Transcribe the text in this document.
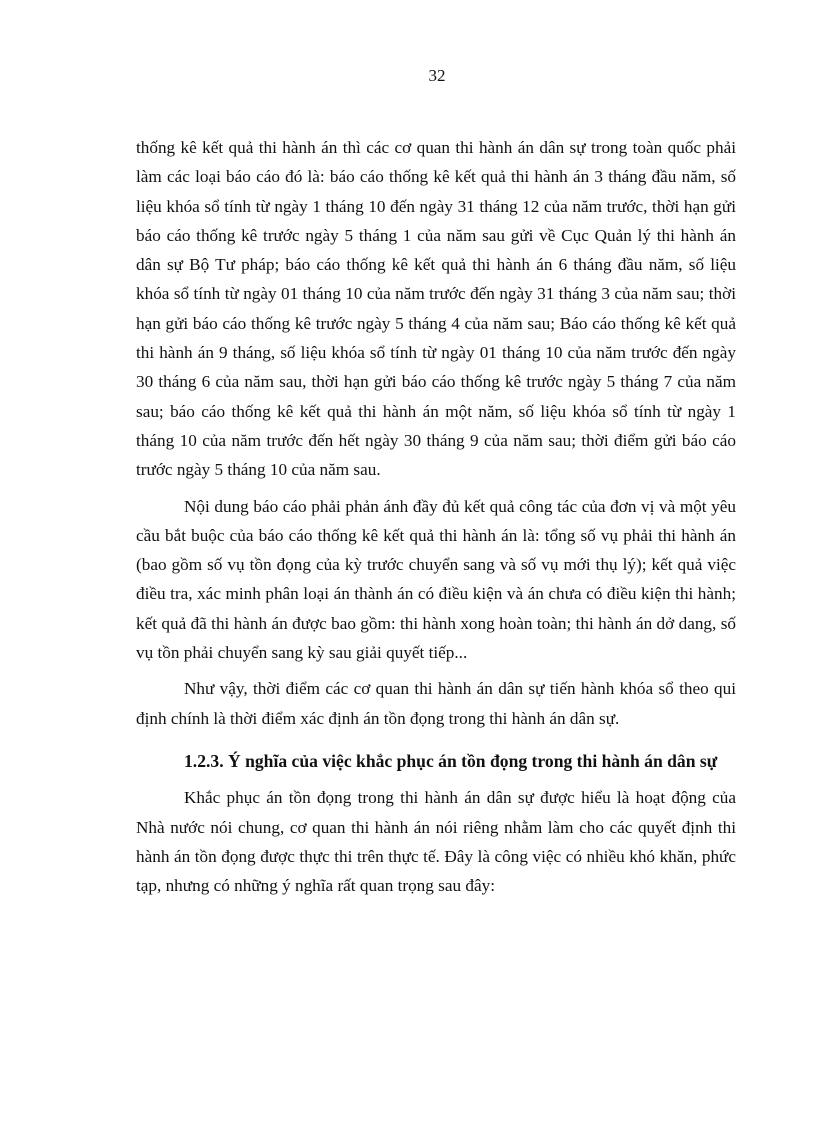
32

thống kê kết quả thi hành án thì các cơ quan thi hành án dân sự trong toàn quốc phải làm các loại báo cáo đó là: báo cáo thống kê kết quả thi hành án 3 tháng đầu năm, số liệu khóa sổ tính từ ngày 1 tháng 10 đến ngày 31 tháng 12 của năm trước, thời hạn gửi báo cáo thống kê trước ngày 5 tháng 1 của năm sau gửi về Cục Quản lý thi hành án dân sự Bộ Tư pháp; báo cáo thống kê kết quả thi hành án 6 tháng đầu năm, số liệu khóa sổ tính từ ngày 01 tháng 10 của năm trước đến ngày 31 tháng 3 của năm sau; thời hạn gửi báo cáo thống kê trước ngày 5 tháng 4 của năm sau; Báo cáo thống kê kết quả thi hành án 9 tháng, số liệu khóa sổ tính từ ngày 01 tháng 10 của năm trước đến ngày 30 tháng 6 của năm sau, thời hạn gửi báo cáo thống kê trước ngày 5 tháng 7 của năm sau; báo cáo thống kê kết quả thi hành án một năm, số liệu khóa sổ tính từ ngày 1 tháng 10 của năm trước đến hết ngày 30 tháng 9 của năm sau; thời điểm gửi báo cáo trước ngày 5 tháng 10 của năm sau.

Nội dung báo cáo phải phản ánh đầy đủ kết quả công tác của đơn vị và một yêu cầu bắt buộc của báo cáo thống kê kết quả thi hành án là: tổng số vụ phải thi hành án (bao gồm số vụ tồn đọng của kỳ trước chuyển sang và số vụ mới thụ lý); kết quả việc điều tra, xác minh phân loại án thành án có điều kiện và án chưa có điều kiện thi hành; kết quả đã thi hành án được bao gồm: thi hành xong hoàn toàn; thi hành án dở dang, số vụ tồn phải chuyển sang kỳ sau giải quyết tiếp...

Như vậy, thời điểm các cơ quan thi hành án dân sự tiến hành khóa sổ theo qui định chính là thời điểm xác định án tồn đọng trong thi hành án dân sự.

1.2.3. Ý nghĩa của việc khắc phục án tồn đọng trong thi hành án dân sự

Khắc phục án tồn đọng trong thi hành án dân sự được hiểu là hoạt động của Nhà nước nói chung, cơ quan thi hành án nói riêng nhằm làm cho các quyết định thi hành án tồn đọng được thực thi trên thực tế. Đây là công việc có nhiều khó khăn, phức tạp, nhưng có những ý nghĩa rất quan trọng sau đây:
